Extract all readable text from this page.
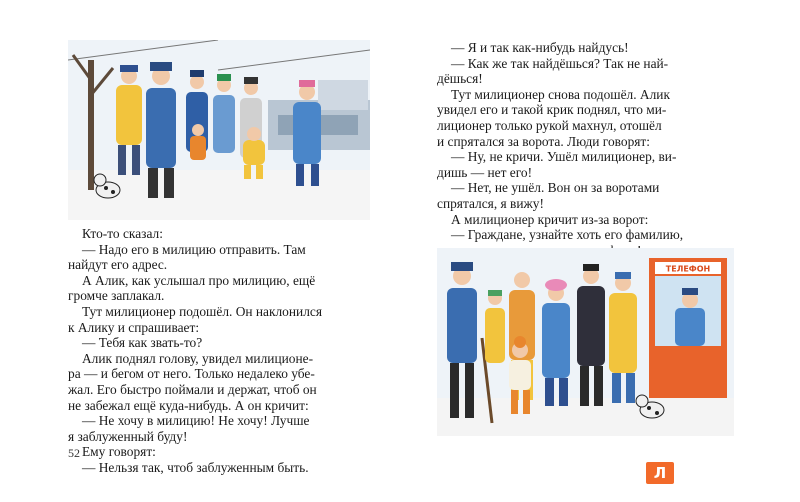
Кто-то сказал:

— Надо его в милицию отправить. Там

найдут его адрес.

А Алик, как услышал про милицию, ещё

громче заплакал.

Тут милиционер подошёл. Он наклонился

к Алику и спрашивает:

— Тебя как звать-то?

Алик поднял голову, увидел милиционе-

ра — и бегом от него. Только недалеко убе-

жал. Его быстро поймали и держат, чтоб он

не забежал ещё куда-нибудь. А он кричит:

— Не хочу в милицию! Не хочу! Лучше

я заблуженный буду!

Ему говорят:

— Нельзя так, чтоб заблуженным быть.

52

— Я и так как-нибудь найдусь!

— Как же так найдёшься? Так не най-

дёшься!

Тут милиционер снова подошёл. Алик

увидел его и такой крик поднял, что ми-

лиционер только рукой махнул, отошёл

и спрятался за ворота. Люди говорят:

— Ну, не кричи. Ушёл милиционер, ви-

дишь — нет его!

— Нет, не ушёл. Вон он за воротами

спрятался, я вижу!

А милиционер кричит из-за ворот:

— Граждане, узнайте хоть его фамилию,

ТЕЛЕФОН
Л
